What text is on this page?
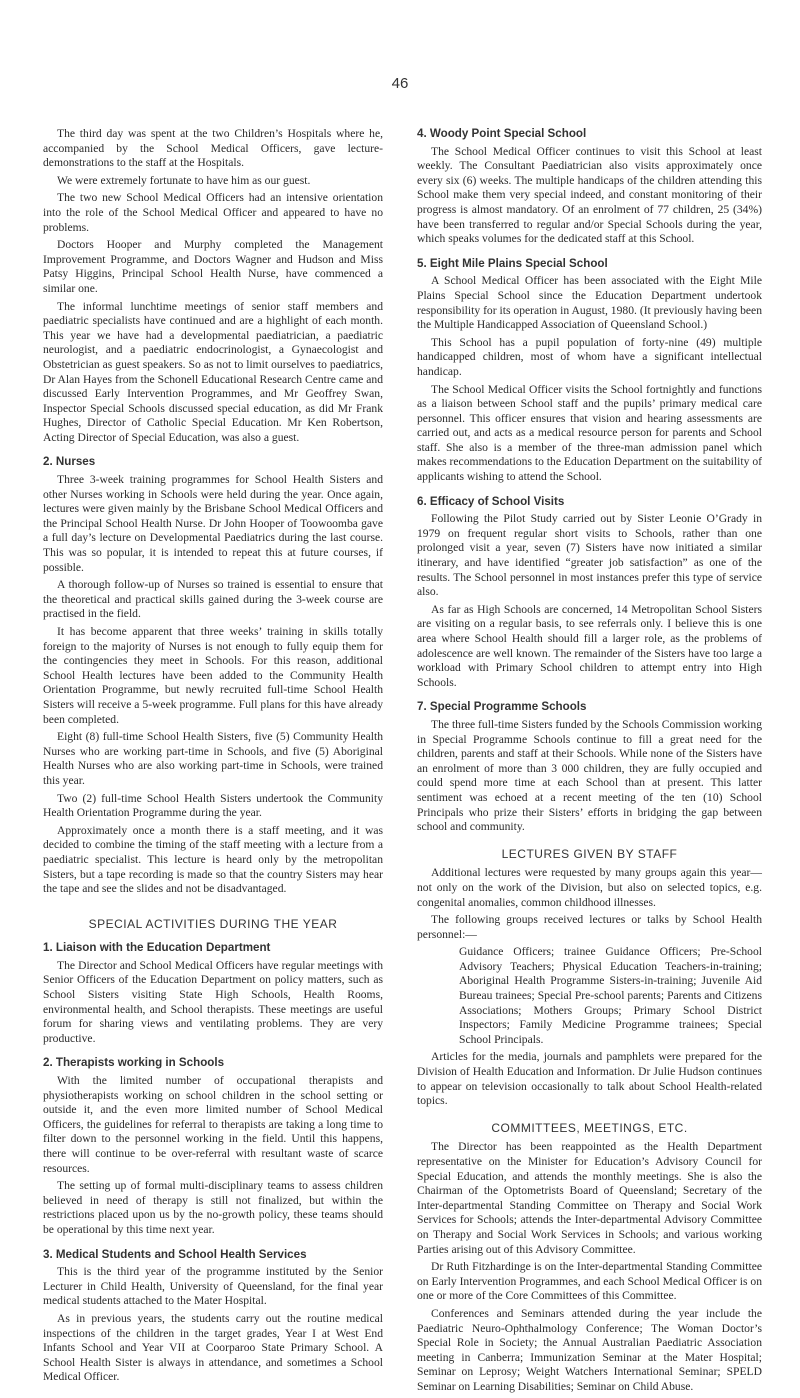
46

The third day was spent at the two Children’s Hospitals where he, accompanied by the School Medical Officers, gave lecture-demonstrations to the staff at the Hospitals.

We were extremely fortunate to have him as our guest.

The two new School Medical Officers had an intensive orientation into the role of the School Medical Officer and appeared to have no problems.

Doctors Hooper and Murphy completed the Management Improvement Programme, and Doctors Wagner and Hudson and Miss Patsy Higgins, Principal School Health Nurse, have commenced a similar one.

The informal lunchtime meetings of senior staff members and paediatric specialists have continued and are a highlight of each month. This year we have had a developmental paediatrician, a paediatric neurologist, and a paediatric endocrinologist, a Gynaecologist and Obstetrician as guest speakers. So as not to limit ourselves to paediatrics, Dr Alan Hayes from the Schonell Educational Research Centre came and discussed Early Intervention Programmes, and Mr Geoffrey Swan, Inspector Special Schools discussed special education, as did Mr Frank Hughes, Director of Catholic Special Education. Mr Ken Robertson, Acting Director of Special Education, was also a guest.

2. Nurses

Three 3-week training programmes for School Health Sisters and other Nurses working in Schools were held during the year. Once again, lectures were given mainly by the Brisbane School Medical Officers and the Principal School Health Nurse. Dr John Hooper of Toowoomba gave a full day’s lecture on Developmental Paediatrics during the last course. This was so popular, it is intended to repeat this at future courses, if possible.

A thorough follow-up of Nurses so trained is essential to ensure that the theoretical and practical skills gained during the 3-week course are practised in the field.

It has become apparent that three weeks’ training in skills totally foreign to the majority of Nurses is not enough to fully equip them for the contingencies they meet in Schools. For this reason, additional School Health lectures have been added to the Community Health Orientation Programme, but newly recruited full-time School Health Sisters will receive a 5-week programme. Full plans for this have already been completed.

Eight (8) full-time School Health Sisters, five (5) Community Health Nurses who are working part-time in Schools, and five (5) Aboriginal Health Nurses who are also working part-time in Schools, were trained this year.

Two (2) full-time School Health Sisters undertook the Community Health Orientation Programme during the year.

Approximately once a month there is a staff meeting, and it was decided to combine the timing of the staff meeting with a lecture from a paediatric specialist. This lecture is heard only by the metropolitan Sisters, but a tape recording is made so that the country Sisters may hear the tape and see the slides and not be disadvantaged.

SPECIAL ACTIVITIES DURING THE YEAR
1. Liaison with the Education Department

The Director and School Medical Officers have regular meetings with Senior Officers of the Education Department on policy matters, such as School Sisters visiting State High Schools, Health Rooms, environmental health, and School therapists. These meetings are useful forum for sharing views and ventilating problems. They are very productive.

2. Therapists working in Schools

With the limited number of occupational therapists and physiotherapists working on school children in the school setting or outside it, and the even more limited number of School Medical Officers, the guidelines for referral to therapists are taking a long time to filter down to the personnel working in the field. Until this happens, there will continue to be over-referral with resultant waste of scarce resources.

The setting up of formal multi-disciplinary teams to assess children believed in need of therapy is still not finalized, but within the restrictions placed upon us by the no-growth policy, these teams should be operational by this time next year.

3. Medical Students and School Health Services

This is the third year of the programme instituted by the Senior Lecturer in Child Health, University of Queensland, for the final year medical students attached to the Mater Hospital.

As in previous years, the students carry out the routine medical inspections of the children in the target grades, Year I at West End Infants School and Year VII at Coorparoo State Primary School. A School Health Sister is always in attendance, and sometimes a School Medical Officer.

4. Woody Point Special School

The School Medical Officer continues to visit this School at least weekly. The Consultant Paediatrician also visits approximately once every six (6) weeks. The multiple handicaps of the children attending this School make them very special indeed, and constant monitoring of their progress is almost mandatory. Of an enrolment of 77 children, 25 (34%) have been transferred to regular and/or Special Schools during the year, which speaks volumes for the dedicated staff at this School.

5. Eight Mile Plains Special School

A School Medical Officer has been associated with the Eight Mile Plains Special School since the Education Department undertook responsibility for its operation in August, 1980. (It previously having been the Multiple Handicapped Association of Queensland School.)

This School has a pupil population of forty-nine (49) multiple handicapped children, most of whom have a significant intellectual handicap.

The School Medical Officer visits the School fortnightly and functions as a liaison between School staff and the pupils’ primary medical care personnel. This officer ensures that vision and hearing assessments are carried out, and acts as a medical resource person for parents and School staff. She also is a member of the three-man admission panel which makes recommendations to the Education Department on the suitability of applicants wishing to attend the School.

6. Efficacy of School Visits

Following the Pilot Study carried out by Sister Leonie O’Grady in 1979 on frequent regular short visits to Schools, rather than one prolonged visit a year, seven (7) Sisters have now initiated a similar itinerary, and have identified “greater job satisfaction” as one of the results. The School personnel in most instances prefer this type of service also.

As far as High Schools are concerned, 14 Metropolitan School Sisters are visiting on a regular basis, to see referrals only. I believe this is one area where School Health should fill a larger role, as the problems of adolescence are well known. The remainder of the Sisters have too large a workload with Primary School children to attempt entry into High Schools.

7. Special Programme Schools

The three full-time Sisters funded by the Schools Commission working in Special Programme Schools continue to fill a great need for the children, parents and staff at their Schools. While none of the Sisters have an enrolment of more than 3 000 children, they are fully occupied and could spend more time at each School than at present. This latter sentiment was echoed at a recent meeting of the ten (10) School Principals who prize their Sisters’ efforts in bridging the gap between school and community.

LECTURES GIVEN BY STAFF

Additional lectures were requested by many groups again this year—not only on the work of the Division, but also on selected topics, e.g. congenital anomalies, common childhood illnesses.

The following groups received lectures or talks by School Health personnel:—

Guidance Officers; trainee Guidance Officers; Pre-School Advisory Teachers; Physical Education Teachers-in-training; Aboriginal Health Programme Sisters-in-training; Juvenile Aid Bureau trainees; Special Pre-school parents; Parents and Citizens Associations; Mothers Groups; Primary School District Inspectors; Family Medicine Programme trainees; Special School Principals.

Articles for the media, journals and pamphlets were prepared for the Division of Health Education and Information. Dr Julie Hudson continues to appear on television occasionally to talk about School Health-related topics.

COMMITTEES, MEETINGS, ETC.

The Director has been reappointed as the Health Department representative on the Minister for Education’s Advisory Council for Special Education, and attends the monthly meetings. She is also the Chairman of the Optometrists Board of Queensland; Secretary of the Inter-departmental Standing Committee on Therapy and Social Work Services for Schools; attends the Inter-departmental Advisory Committee on Therapy and Social Work Services in Schools; and various working Parties arising out of this Advisory Committee.

Dr Ruth Fitzhardinge is on the Inter-departmental Standing Committee on Early Intervention Programmes, and each School Medical Officer is on one or more of the Core Committees of this Committee.

Conferences and Seminars attended during the year include the Paediatric Neuro-Ophthalmology Conference; The Woman Doctor’s Special Role in Society; the Annual Australian Paediatric Association meeting in Canberra; Immunization Seminar at the Mater Hospital; Seminar on Leprosy; Weight Watchers International Seminar; SPELD Seminar on Learning Disabilities; Seminar on Child Abuse.
